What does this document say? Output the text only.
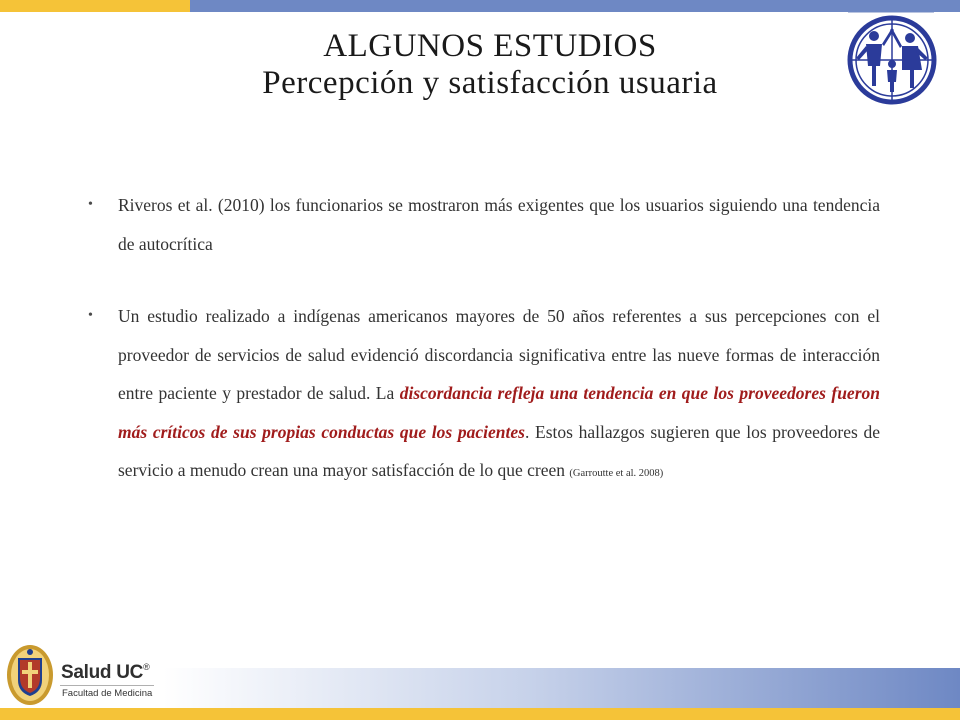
ALGUNOS ESTUDIOS
Percepción y satisfacción usuaria
•	Riveros et al. (2010) los funcionarios se mostraron más exigentes que los usuarios siguiendo una tendencia de autocrítica
•	Un estudio realizado a indígenas americanos mayores de 50 años referentes a sus percepciones con el proveedor de servicios de salud evidenció discordancia significativa entre las nueve formas de interacción entre paciente y prestador de salud. La discordancia refleja una tendencia en que los proveedores fueron más críticos de sus propias conductas que los pacientes. Estos hallazgos sugieren que los proveedores de servicio a menudo crean una mayor satisfacción de lo que creen (Garroutte et al. 2008)
Salud UC®
Facultad de Medicina
